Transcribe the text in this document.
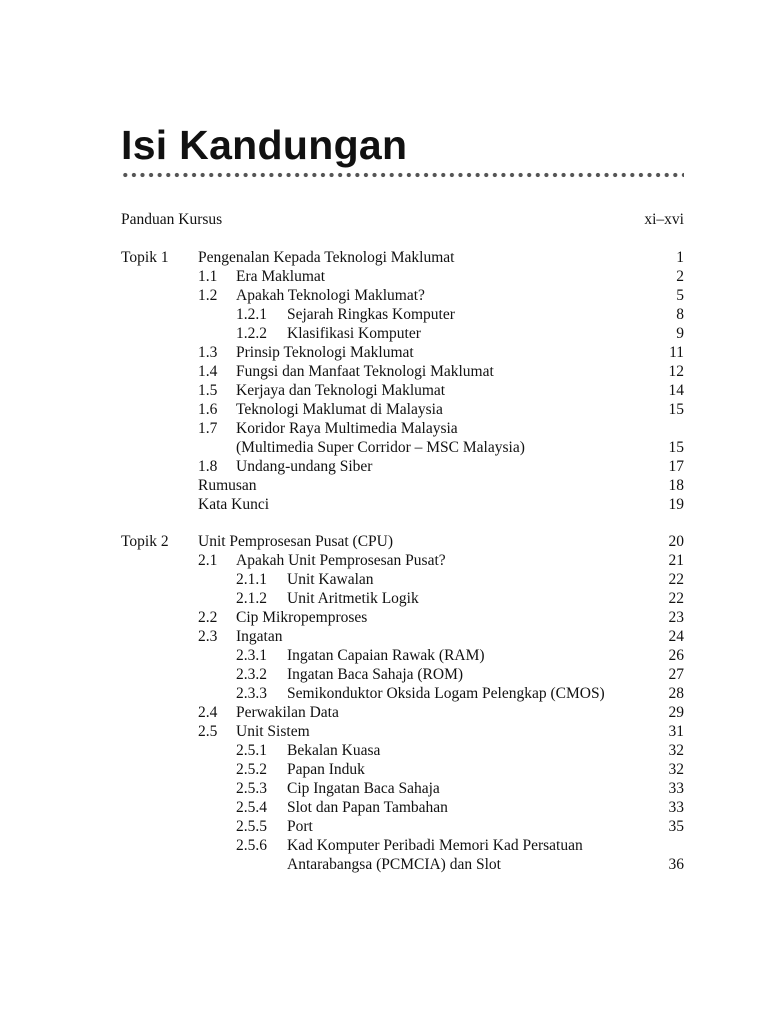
Isi Kandungan
Panduan Kursus	xi–xvi
Topik 1 Pengenalan Kepada Teknologi Maklumat	1
1.1 Era Maklumat	2
1.2 Apakah Teknologi Maklumat?	5
1.2.1 Sejarah Ringkas Komputer	8
1.2.2 Klasifikasi Komputer	9
1.3 Prinsip Teknologi Maklumat	11
1.4 Fungsi dan Manfaat Teknologi Maklumat	12
1.5 Kerjaya dan Teknologi Maklumat	14
1.6 Teknologi Maklumat di Malaysia	15
1.7 Koridor Raya Multimedia Malaysia
(Multimedia Super Corridor – MSC Malaysia)	15
1.8 Undang-undang Siber	17
Rumusan	18
Kata Kunci	19
Topik 2 Unit Pemprosesan Pusat (CPU)	20
2.1 Apakah Unit Pemprosesan Pusat?	21
2.1.1 Unit Kawalan	22
2.1.2 Unit Aritmetik Logik	22
2.2 Cip Mikropemproses	23
2.3 Ingatan	24
2.3.1 Ingatan Capaian Rawak (RAM)	26
2.3.2 Ingatan Baca Sahaja (ROM)	27
2.3.3 Semikonduktor Oksida Logam Pelengkap (CMOS)	28
2.4 Perwakilan Data	29
2.5 Unit Sistem	31
2.5.1 Bekalan Kuasa	32
2.5.2 Papan Induk	32
2.5.3 Cip Ingatan Baca Sahaja	33
2.5.4 Slot dan Papan Tambahan	33
2.5.5 Port	35
2.5.6 Kad Komputer Peribadi Memori Kad Persatuan
Antarabangsa (PCMCIA) dan Slot	36
